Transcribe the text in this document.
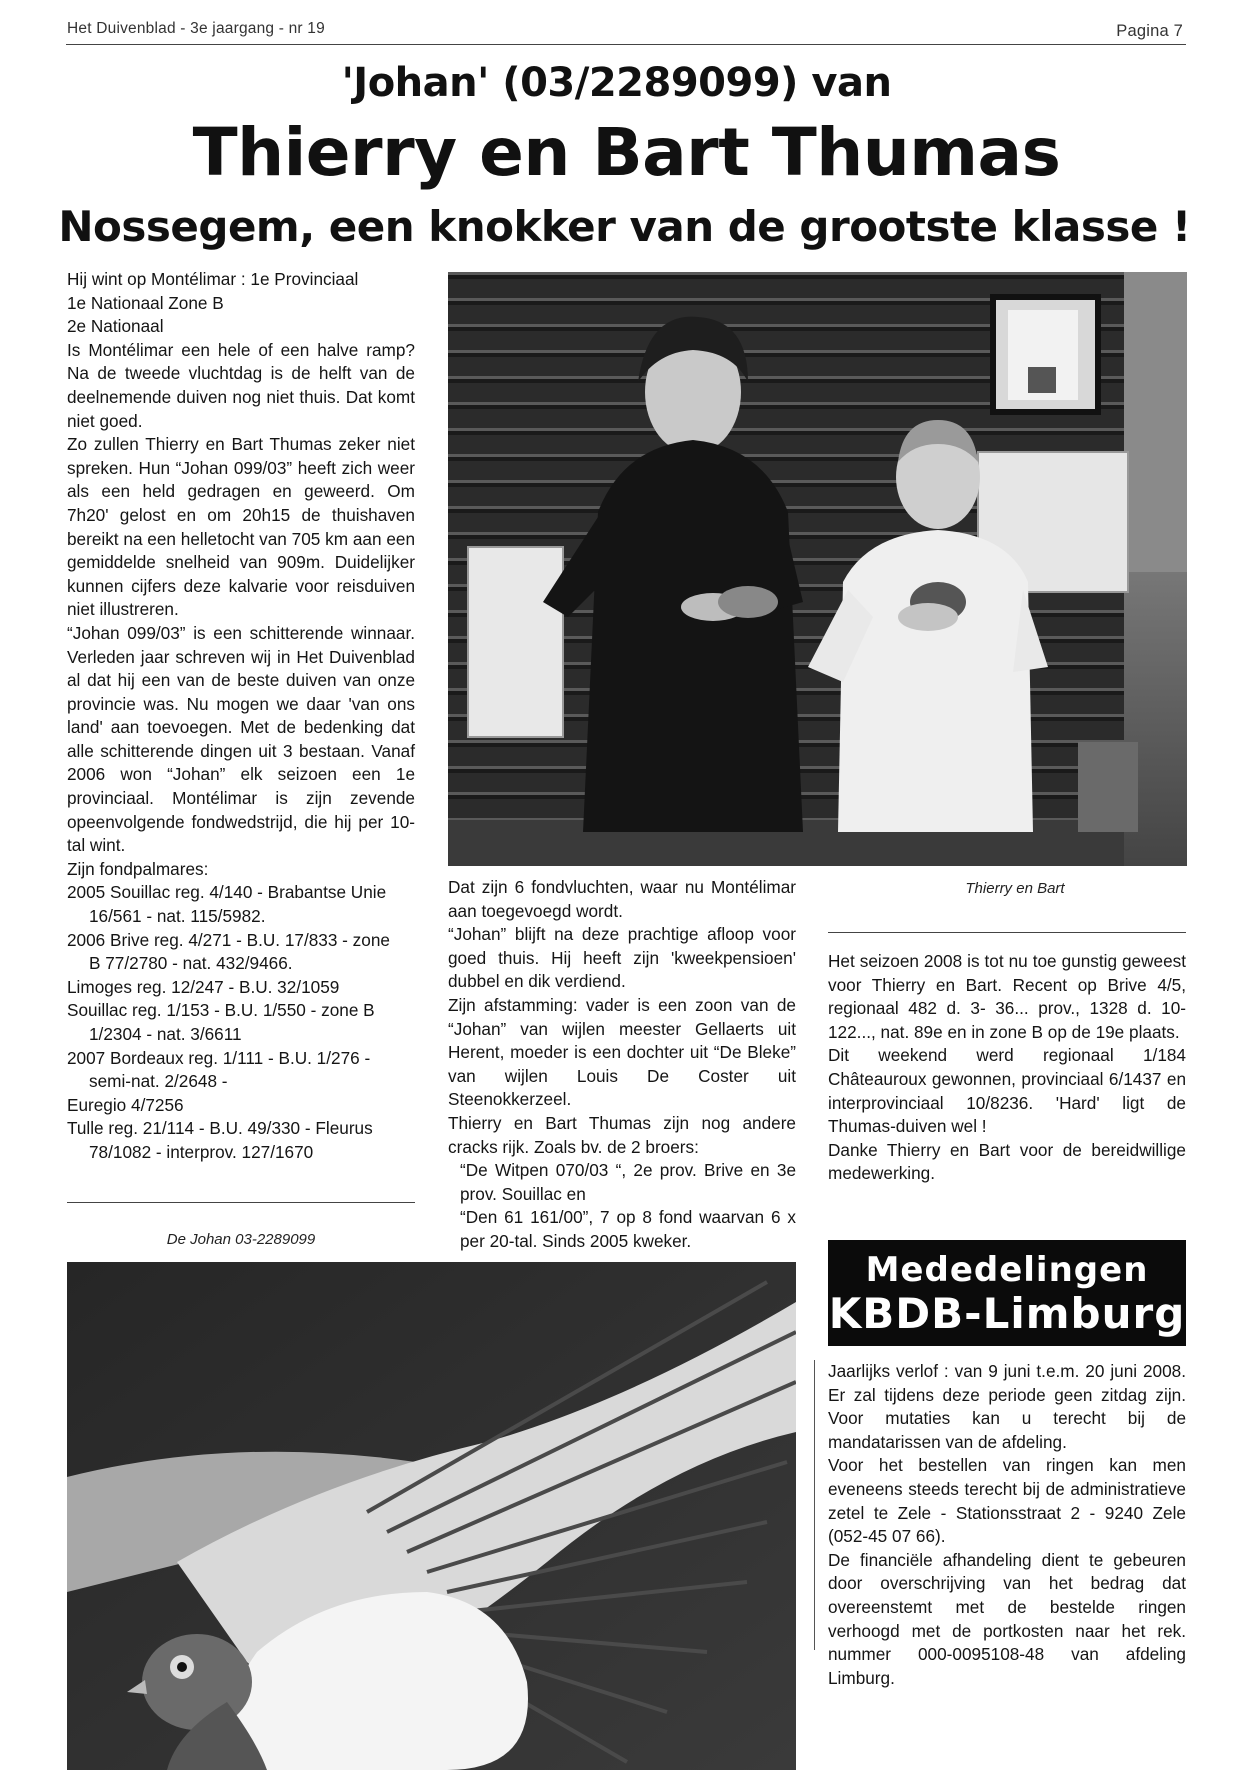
Het Duivenblad - 3e jaargang - nr 19	Pagina 7
'Johan' (03/2289099) van
Thierry en Bart Thumas
Nossegem, een knokker van de grootste klasse !

Hij wint op Montélimar : 1e Provinciaal

1e Nationaal Zone B

2e Nationaal

Is Montélimar een hele of een halve ramp? Na de tweede vluchtdag is de helft van de deelnemende duiven nog niet thuis. Dat komt niet goed.

Zo zullen Thierry en Bart Thumas zeker niet spreken. Hun “Johan 099/03” heeft zich weer als een held gedragen en geweerd. Om 7h20' gelost en om 20h15 de thuishaven bereikt na een helletocht van 705 km aan een gemiddelde snelheid van 909m. Duidelijker kunnen cijfers deze kalvarie voor reisduiven niet illustreren.

“Johan 099/03” is een schitterende winnaar. Verleden jaar schreven wij in Het Duivenblad al dat hij een van de beste duiven van onze provincie was. Nu mogen we daar 'van ons land' aan toevoegen. Met de bedenking dat alle schitterende dingen uit 3 bestaan. Vanaf 2006 won “Johan” elk seizoen een 1e provinciaal. Montélimar is zijn zevende opeenvolgende fondwedstrijd, die hij per 10-tal wint.

Zijn fondpalmares:

2005 Souillac reg. 4/140 - Brabantse Unie

16/561 - nat. 115/5982.

2006 Brive reg. 4/271 - B.U. 17/833 - zone

B 77/2780 - nat. 432/9466.

Limoges reg. 12/247 - B.U. 32/1059

Souillac reg. 1/153 - B.U. 1/550 - zone B

1/2304 - nat. 3/6611

2007 Bordeaux reg. 1/111 - B.U. 1/276 -

semi-nat. 2/2648 -

Euregio 4/7256

Tulle reg. 21/114 - B.U. 49/330 - Fleurus

78/1082 - interprov. 127/1670

De Johan 03-2289099
Thierry en Bart

Dat zijn 6 fondvluchten, waar nu Montélimar aan toegevoegd wordt.

“Johan” blijft na deze prachtige afloop voor goed thuis. Hij heeft zijn 'kweekpensioen' dubbel en dik verdiend.

Zijn afstamming: vader is een zoon van de “Johan” van wijlen meester Gellaerts uit Herent, moeder is een dochter uit “De Bleke” van wijlen Louis De Coster uit Steenokkerzeel.

Thierry en Bart Thumas zijn nog andere cracks rijk. Zoals bv. de 2 broers:

“De Witpen 070/03 “, 2e prov. Brive en 3e prov. Souillac en

“Den 61 161/00”, 7 op 8 fond waarvan 6 x per 20-tal. Sinds 2005 kweker.

Het seizoen 2008 is tot nu toe gunstig geweest voor Thierry en Bart. Recent op Brive 4/5, regionaal 482 d. 3- 36... prov., 1328 d. 10- 122..., nat. 89e en in zone B op de 19e plaats.

Dit weekend werd regionaal 1/184 Châteauroux gewonnen, provinciaal 6/1437 en interprovinciaal 10/8236. 'Hard' ligt de Thumas-duiven wel !

Danke Thierry en Bart voor de bereidwillige medewerking.

Mededelingen
KBDB-Limburg

Jaarlijks verlof : van 9 juni t.e.m. 20 juni 2008. Er zal tijdens deze periode geen zitdag zijn. Voor mutaties kan u terecht bij de mandatarissen van de afdeling.

Voor het bestellen van ringen kan men eveneens steeds terecht bij de administratieve zetel te Zele - Stationsstraat 2 - 9240 Zele (052-45 07 66).

De financiële afhandeling dient te gebeuren door overschrijving van het bedrag dat overeenstemt met de bestelde ringen verhoogd met de portkosten naar het rek. nummer 000-0095108-48 van afdeling Limburg.
